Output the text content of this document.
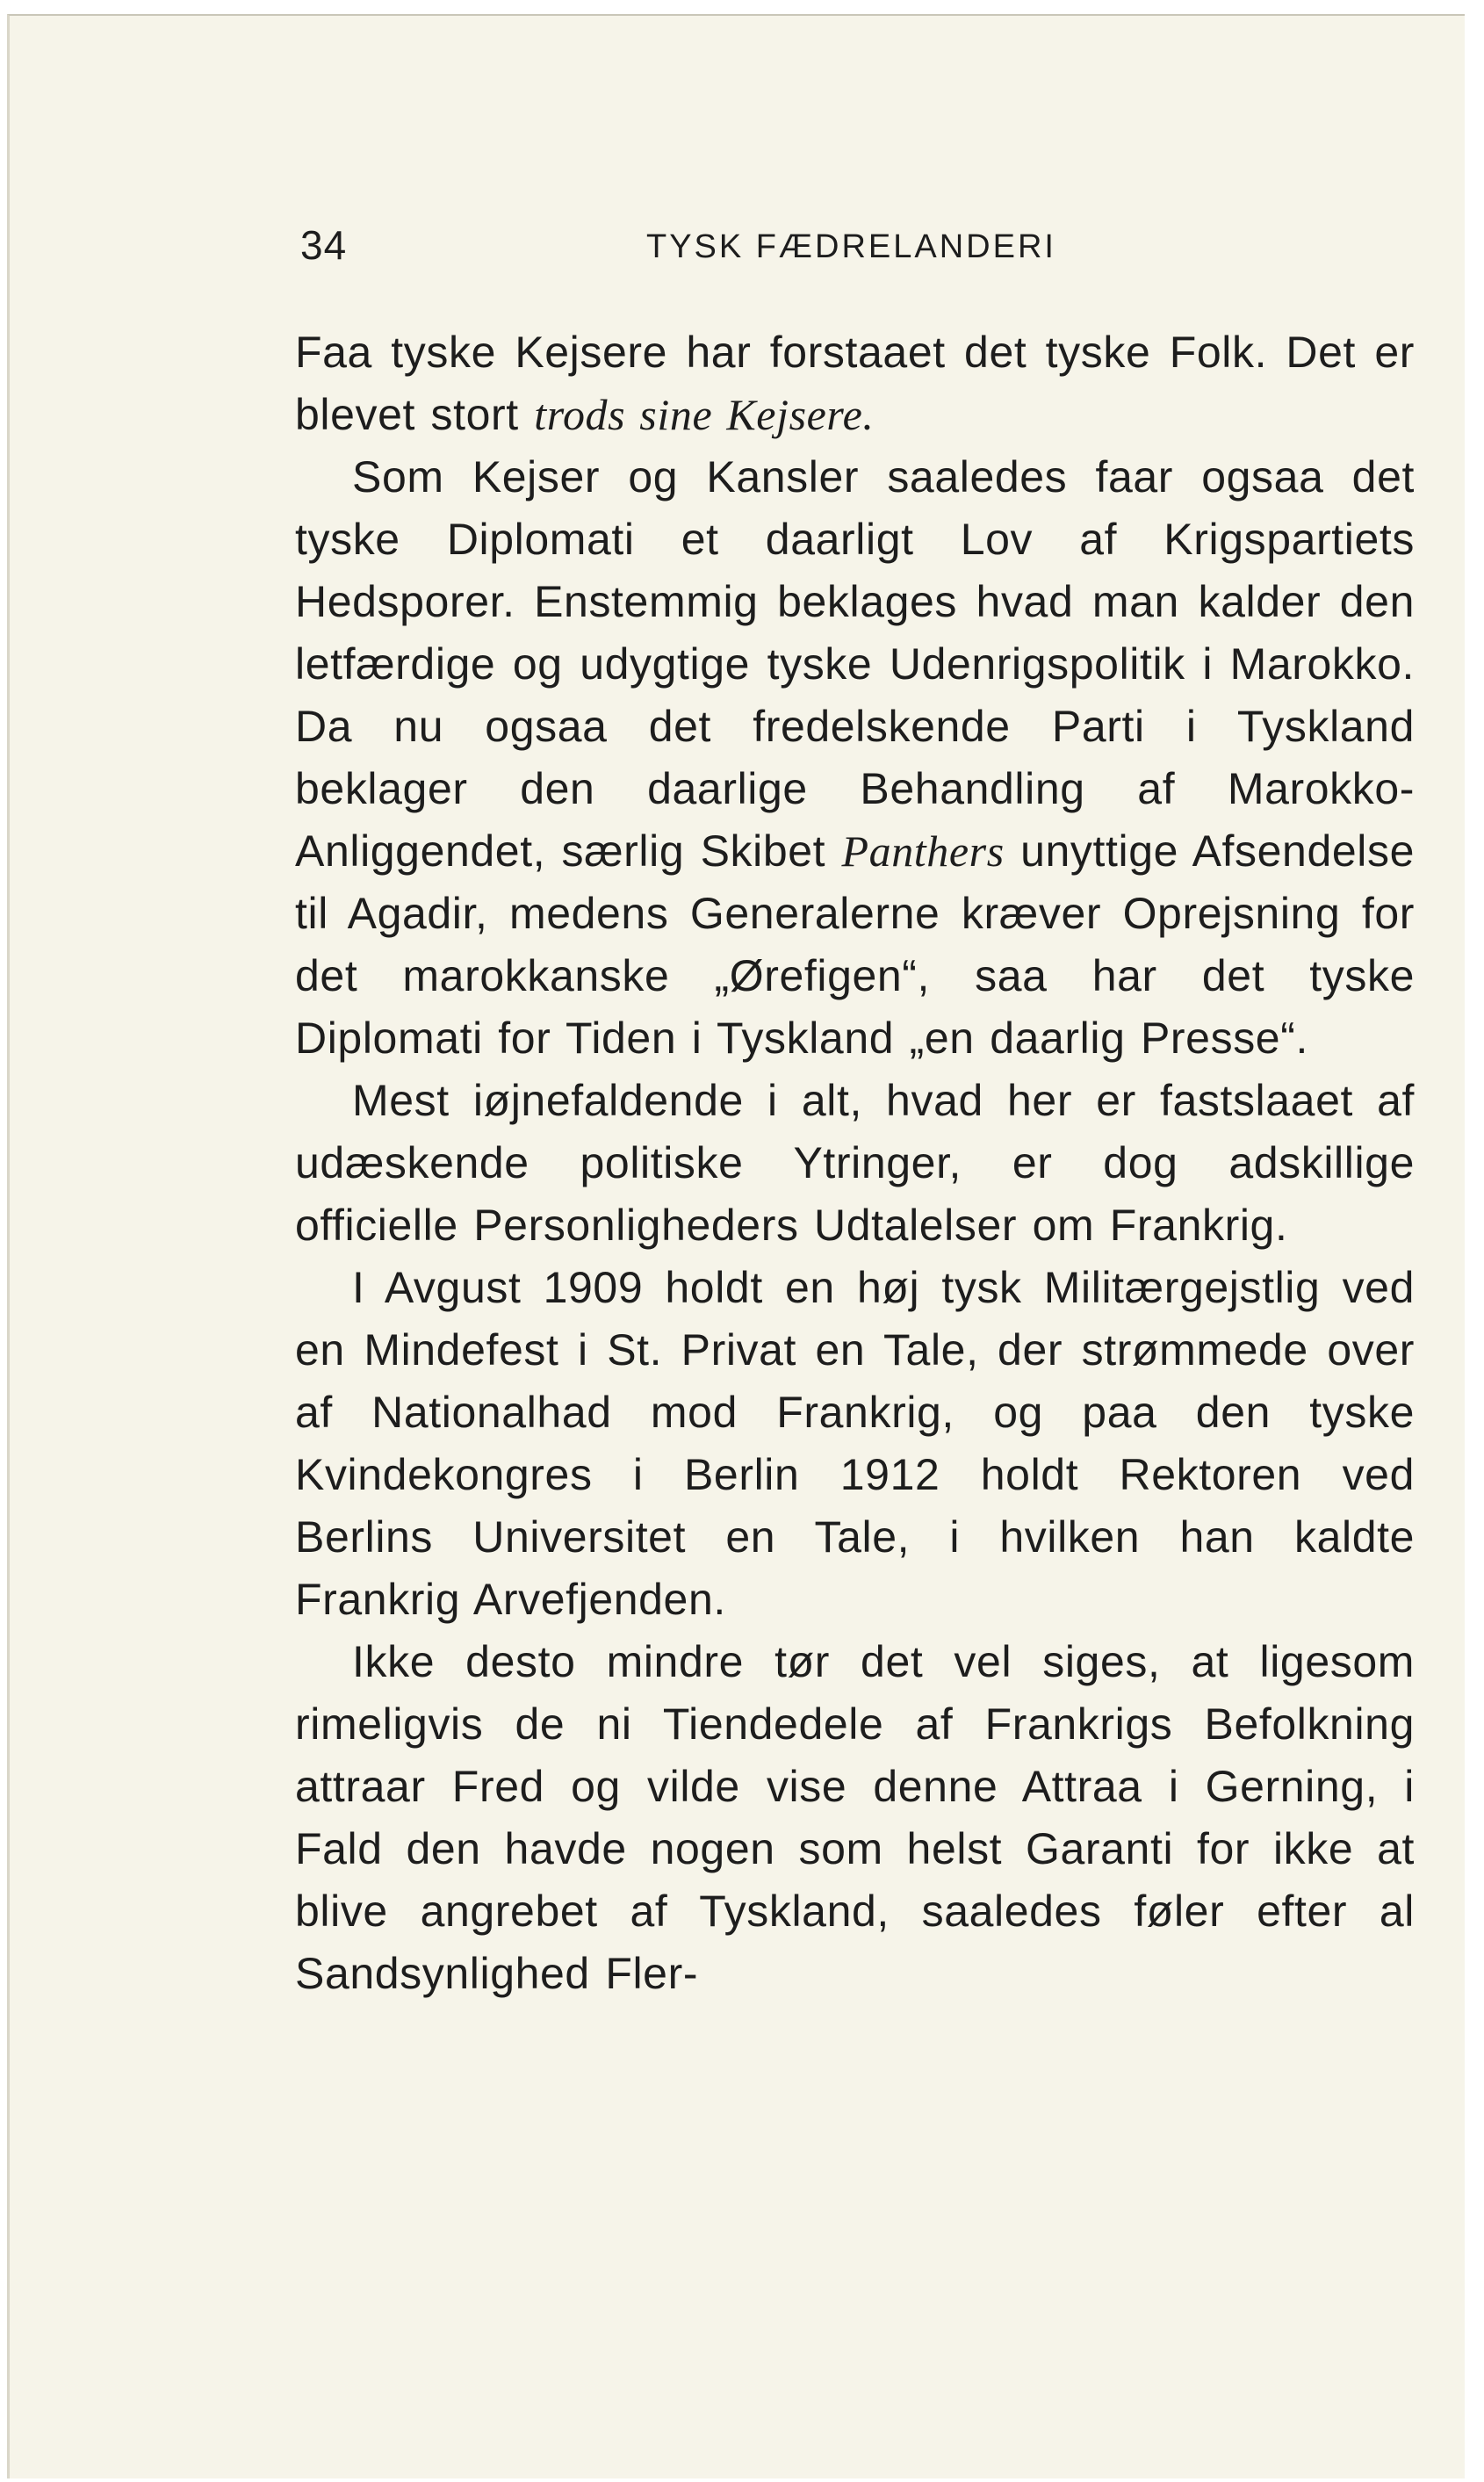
34	TYSK FÆDRELANDERI

Faa tyske Kejsere har forstaaet det tyske Folk. Det er blevet stort trods sine Kejsere.

Som Kejser og Kansler saaledes faar ogsaa det tyske Diplomati et daarligt Lov af Krigspartiets Hedsporer. Enstemmig beklages hvad man kalder den letfærdige og udygtige tyske Udenrigspolitik i Marokko. Da nu ogsaa det fredelskende Parti i Tyskland beklager den daarlige Behandling af Marokko-Anliggendet, særlig Skibet Panthers unyttige Afsendelse til Agadir, medens Generalerne kræver Oprejsning for det marokkanske „Ørefigen“, saa har det tyske Diplomati for Tiden i Tyskland „en daarlig Presse“.

Mest iøjnefaldende i alt, hvad her er fastslaaet af udæskende politiske Ytringer, er dog adskillige officielle Personligheders Udtalelser om Frankrig.

I Avgust 1909 holdt en høj tysk Militærgejstlig ved en Mindefest i St. Privat en Tale, der strømmede over af Nationalhad mod Frankrig, og paa den tyske Kvindekongres i Berlin 1912 holdt Rektoren ved Berlins Universitet en Tale, i hvilken han kaldte Frankrig Arvefjenden.

Ikke desto mindre tør det vel siges, at ligesom rimeligvis de ni Tiendedele af Frankrigs Befolkning attraar Fred og vilde vise denne Attraa i Gerning, i Fald den havde nogen som helst Garanti for ikke at blive angrebet af Tyskland, saaledes føler efter al Sandsynlighed Fler-
